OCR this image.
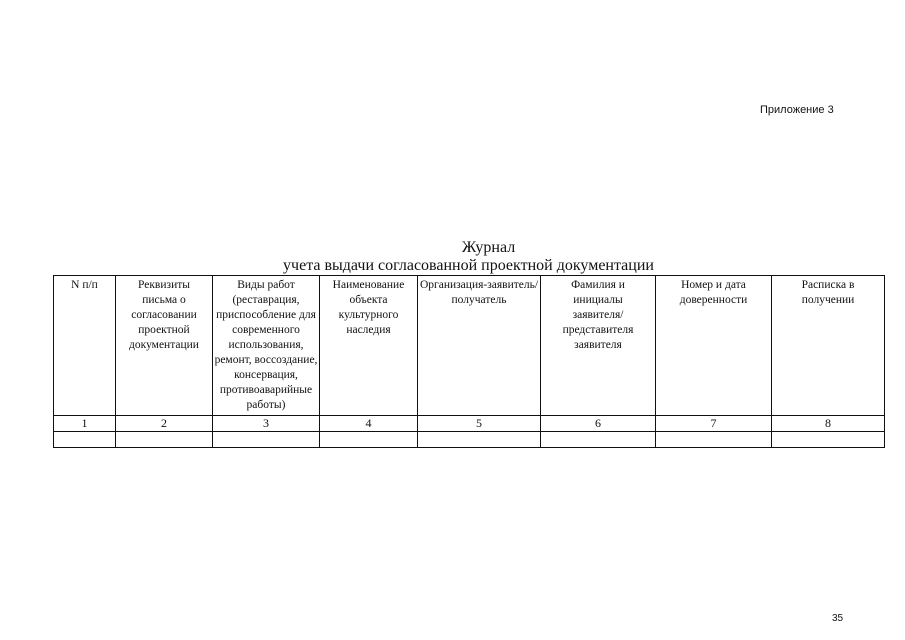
Приложение 3
Журнал
учета выдачи согласованной проектной документации
N п/п	Реквизиты письма о согласовании проектной документации	Виды работ (реставрация, приспособление для современного использования, ремонт, воссоздание, консервация, противоаварийные работы)	Наименование объекта культурного наследия	Организация-заявитель/получатель	Фамилия и инициалы заявителя/ представителя заявителя	Номер и дата доверенности	Расписка в получении
1	2	3	4	5	6	7	8

35
